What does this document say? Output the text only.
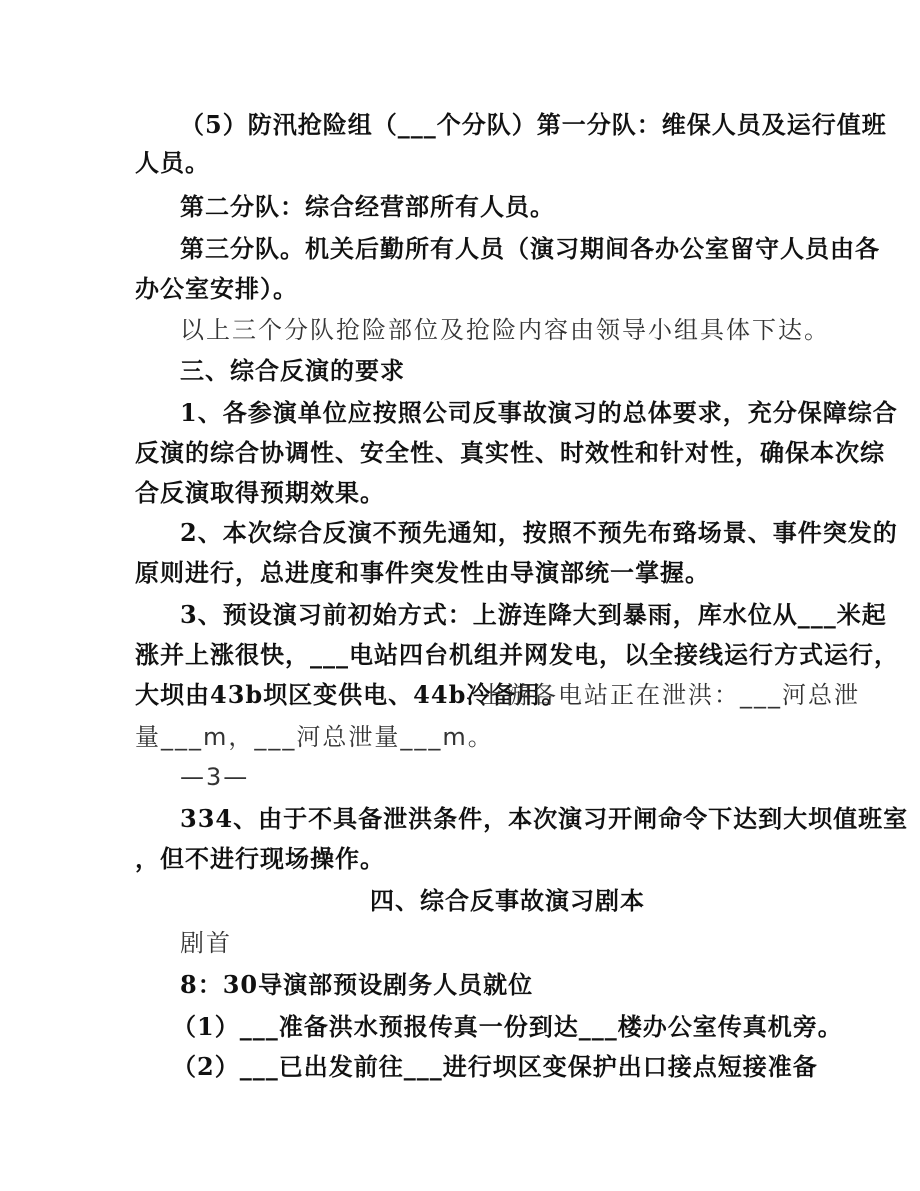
（5）防汛抢险组（___个分队）第一分队：维保人员及运行值班
人员。
第二分队：综合经营部所有人员。
第三分队。机关后勤所有人员（演习期间各办公室留守人员由各
办公室安排）。
以上三个分队抢险部位及抢险内容由领导小组具体下达。
三、综合反演的要求
1、各参演单位应按照公司反事故演习的总体要求，充分保障综合
反演的综合协调性、安全性、真实性、时效性和针对性，确保本次综
合反演取得预期效果。
2、本次综合反演不预先通知，按照不预先布臵场景、事件突发的
原则进行，总进度和事件突发性由导演部统一掌握。
3、预设演习前初始方式：上游连降大到暴雨，库水位从___米起
涨并上涨很快，___电站四台机组并网发电，以全接线运行方式运行，
大坝由43b坝区变供电、44b冷备用。
上游各电站正在泄洪：___河总泄
量___m，___河总泄量___m。
—3—
334、由于不具备泄洪条件，本次演习开闸命令下达到大坝值班室
，但不进行现场操作。
四、综合反事故演习剧本
剧首
8：30导演部预设剧务人员就位
（1）___准备洪水预报传真一份到达___楼办公室传真机旁。
（2）___已出发前往___进行坝区变保护出口接点短接准备
